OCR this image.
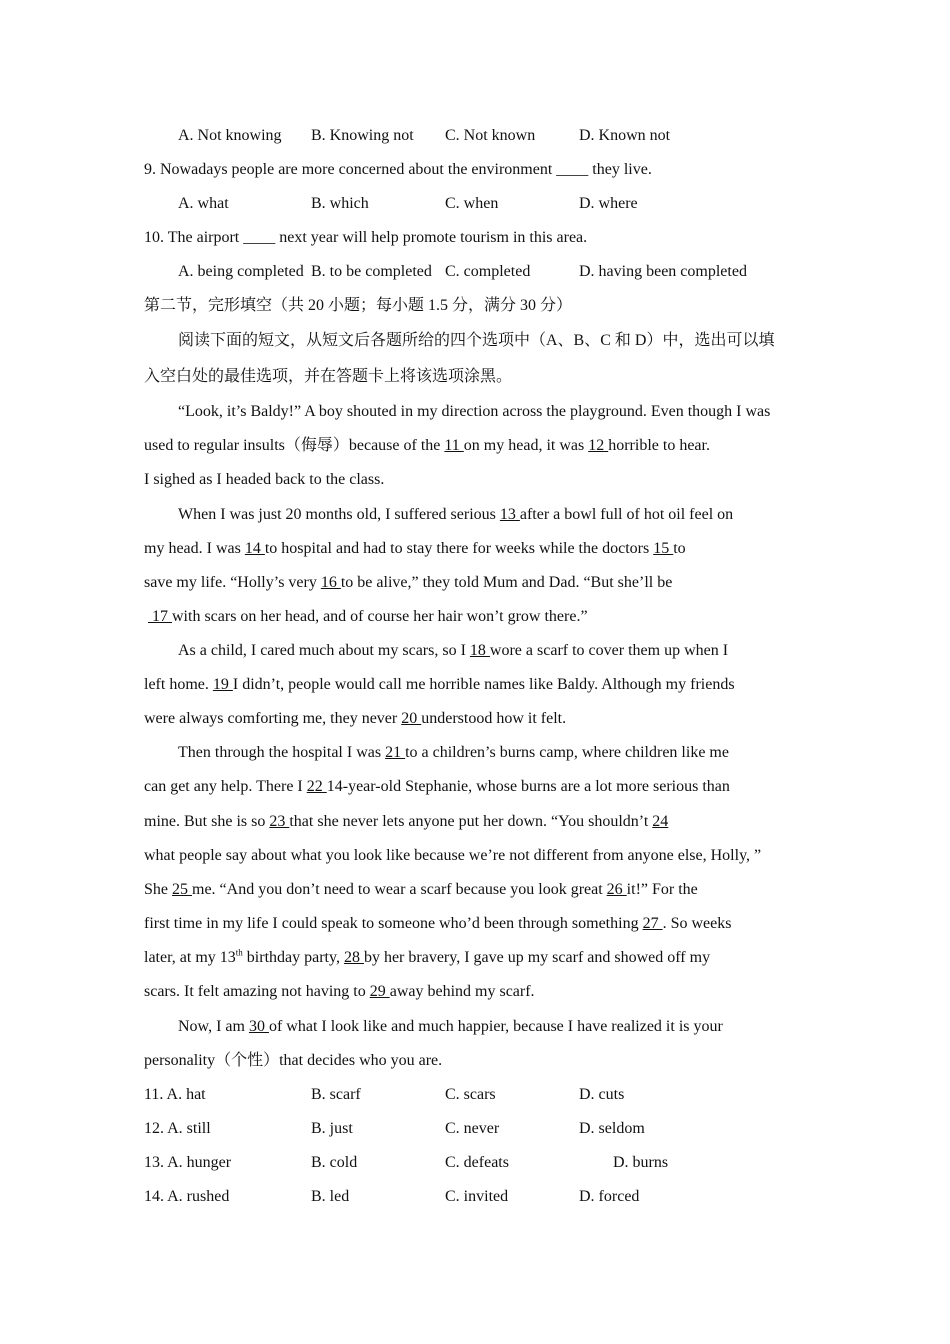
A. Not knowing B. Knowing not C. Not known	D. Known not
9. Nowadays people are more concerned about the environment ____ they live.
A. what	B. which	C. when	D. where
10. The airport ____ next year will help promote tourism in this area.
A. being completed B. to be completed C. completed	D. having been completed
第二节，完形填空（共 20 小题；每小题 1.5 分，满分 30 分）
阅读下面的短文，从短文后各题所给的四个选项中（A、B、C 和 D）中，选出可以填
入空白处的最佳选项，并在答题卡上将该选项涂黑。
“Look, it’s Baldy!” A boy shouted in my direction across the playground. Even though I was
used to regular insults（侮辱）because of the 11 on my head, it was 12 horrible to hear.
I sighed as I headed back to the class.
When I was just 20 months old, I suffered serious 13 after a bowl full of hot oil feel on
my head. I was 14 to hospital and had to stay there for weeks while the doctors 15 to
save my life. “Holly’s very 16 to be alive,” they told Mum and Dad. “But she’ll be
17 with scars on her head, and of course her hair won’t grow there.”
As a child, I cared much about my scars, so I 18 wore a scarf to cover them up when I
left home. 19 I didn’t, people would call me horrible names like Baldy. Although my friends
were always comforting me, they never 20 understood how it felt.
Then through the hospital I was 21 to a children’s burns camp, where children like me
can get any help. There I 22 14-year-old Stephanie, whose burns are a lot more serious than
mine. But she is so 23 that she never lets anyone put her down. “You shouldn’t 24
what people say about what you look like because we’re not different from anyone else, Holly, ”
She 25 me. “And you don’t need to wear a scarf because you look great 26 it!” For the
first time in my life I could speak to someone who’d been through something 27 . So weeks
later, at my 13th birthday party, 28 by her bravery, I gave up my scarf and showed off my
scars. It felt amazing not having to 29 away behind my scarf.
Now, I am 30 of what I look like and much happier, because I have realized it is your
personality（个性）that decides who you are.
11. A. hat	B. scarf	C. scars	D. cuts
12. A. still	B. just	C. never	D. seldom
13. A. hunger	B. cold	C. defeats	D. burns
14. A. rushed	B. led	C. invited	D. forced
